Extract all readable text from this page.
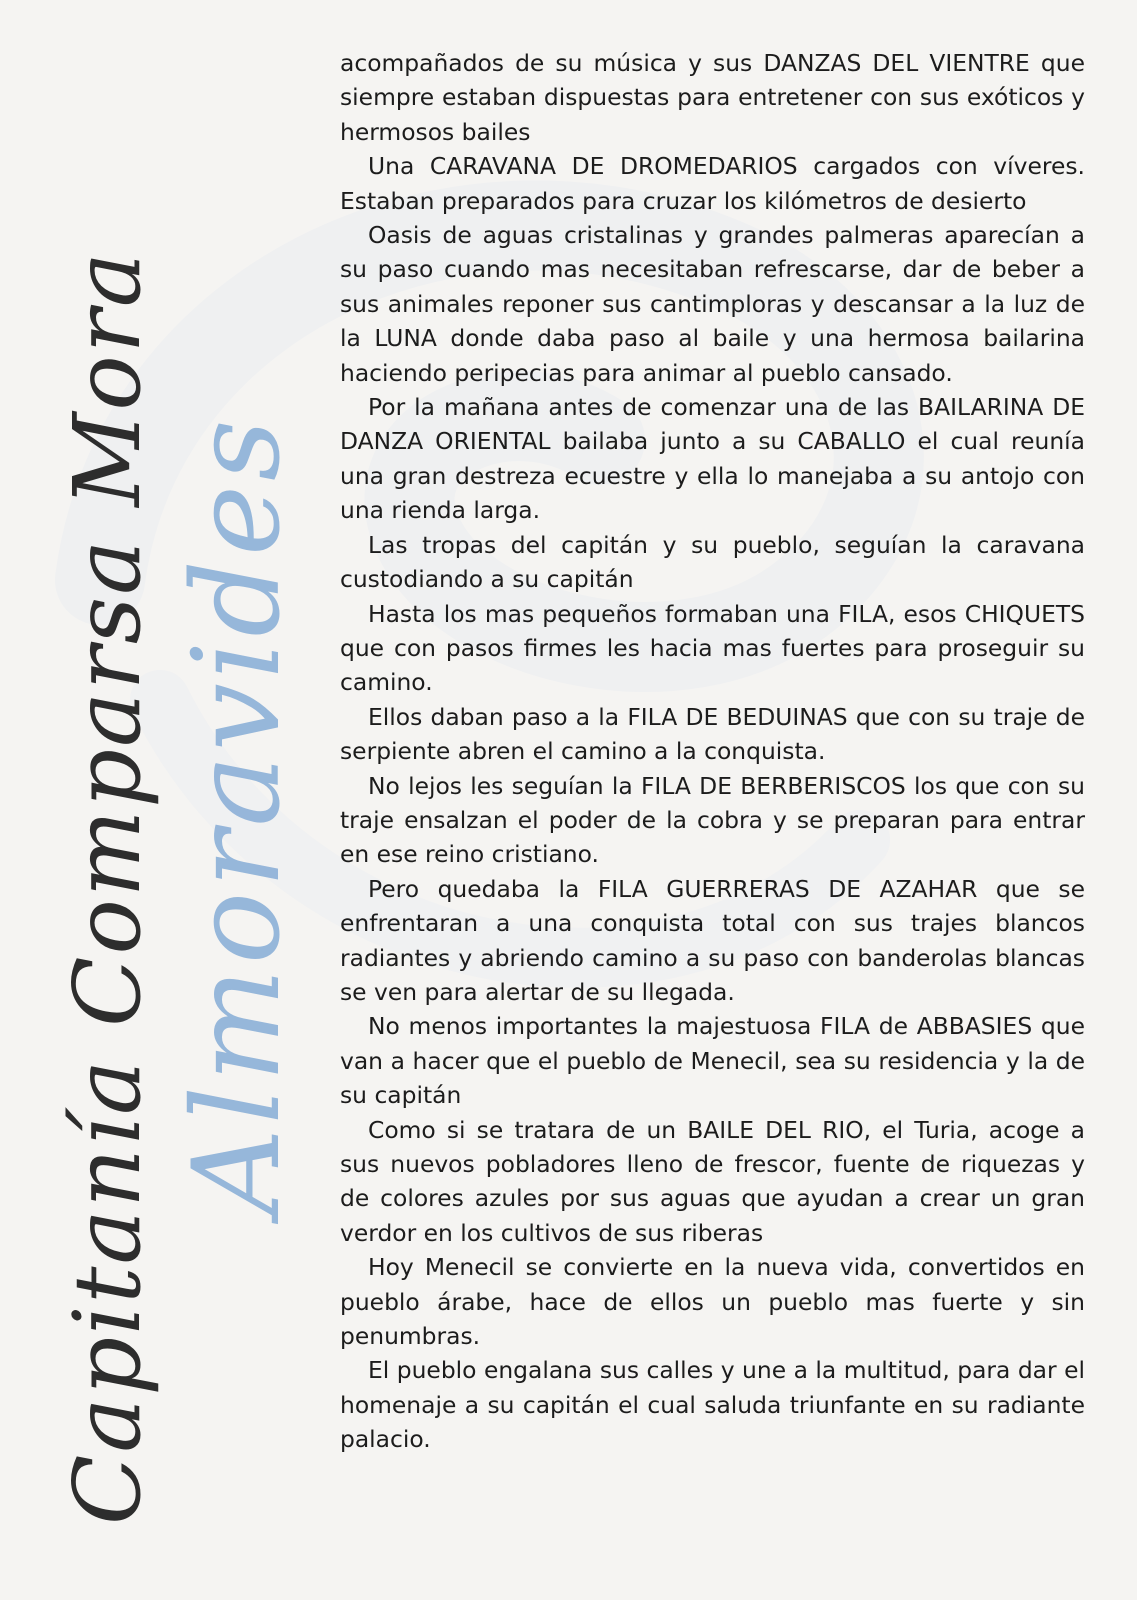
Almoravides
Capitanía Comparsa Mora

acompañados de su música y sus DANZAS DEL VIENTRE que siempre estaban dispuestas para entretener con sus exóticos y hermosos bailes

Una CARAVANA DE DROMEDARIOS cargados con víveres. Estaban preparados para cruzar los kilómetros de desierto

Oasis de aguas cristalinas y grandes palmeras aparecían a su paso cuando mas necesitaban refrescarse, dar de beber a sus animales reponer sus cantimploras y descansar a la luz de la LUNA donde daba paso al baile y una hermosa bailarina haciendo peripecias para animar al pueblo cansado.

Por la mañana antes de comenzar una de las BAILARINA DE DANZA ORIENTAL bailaba junto a su CABALLO el cual reunía una gran destreza ecuestre y ella lo manejaba a su antojo con una rienda larga.

Las tropas del capitán y su pueblo, seguían la caravana custodiando a su capitán

Hasta los mas pequeños formaban una FILA, esos CHIQUETS que con pasos firmes les hacia mas fuertes para proseguir su camino.

Ellos daban paso a la FILA DE BEDUINAS que con su traje de serpiente abren el camino a la conquista.

No lejos les seguían la FILA DE BERBERISCOS los que con su traje ensalzan el poder de la cobra y se preparan para entrar en ese reino cristiano.

Pero quedaba la FILA GUERRERAS DE AZAHAR que se enfrentaran a una conquista total con sus trajes blancos radiantes y abriendo camino a su paso con banderolas blancas se ven para alertar de su llegada.

No menos importantes la majestuosa FILA de ABBASIES que van a hacer que el pueblo de Menecil, sea su residencia y la de su capitán

Como si se tratara de un BAILE DEL RIO, el Turia, acoge a sus nuevos pobladores lleno de frescor, fuente de riquezas y de colores azules por sus aguas que ayudan a crear un gran verdor en los cultivos de sus riberas

Hoy Menecil se convierte en la nueva vida, convertidos en pueblo árabe, hace de ellos un pueblo mas fuerte y sin penumbras.

El pueblo engalana sus calles y une a la multitud, para dar el homenaje a su capitán el cual saluda triunfante en su radiante palacio.
